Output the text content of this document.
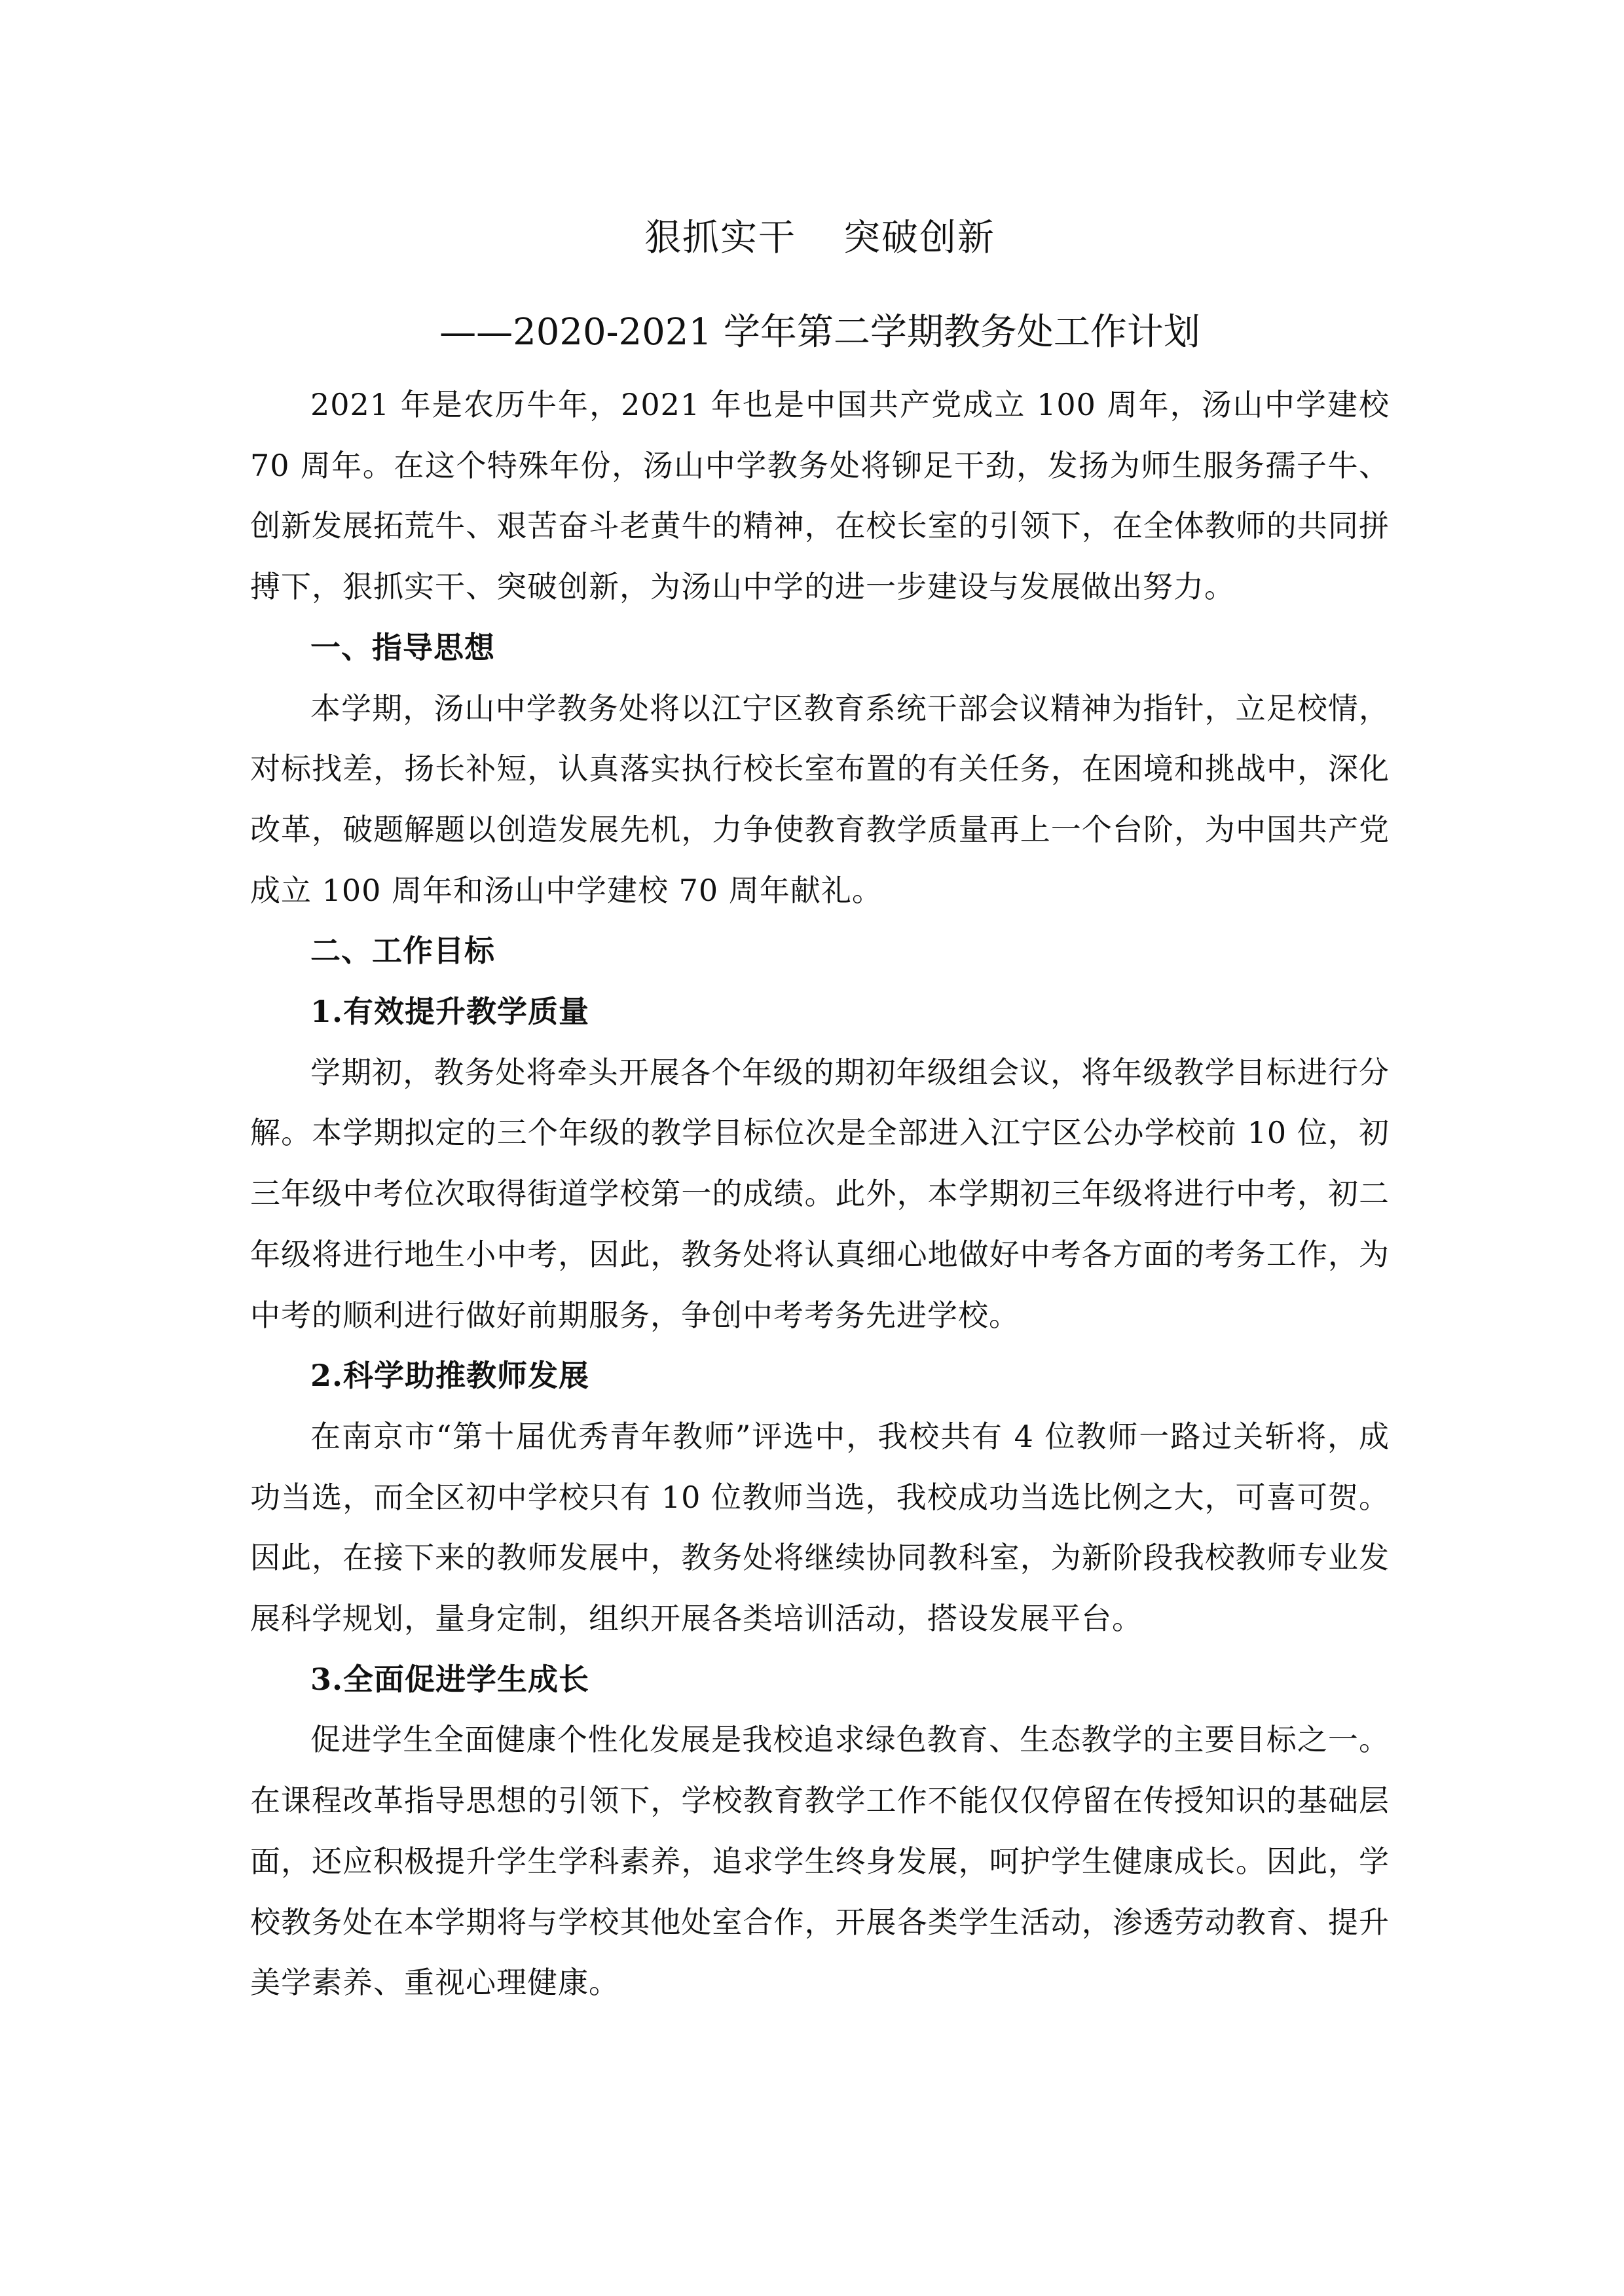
狠抓实干 突破创新
——2020-2021 学年第二学期教务处工作计划

2021 年是农历牛年，2021 年也是中国共产党成立 100 周年，汤山中学建校 70 周年。在这个特殊年份，汤山中学教务处将铆足干劲，发扬为师生服务孺子牛、创新发展拓荒牛、艰苦奋斗老黄牛的精神，在校长室的引领下，在全体教师的共同拼搏下，狠抓实干、突破创新，为汤山中学的进一步建设与发展做出努力。

一、指导思想

本学期，汤山中学教务处将以江宁区教育系统干部会议精神为指针，立足校情，对标找差，扬长补短，认真落实执行校长室布置的有关任务，在困境和挑战中，深化改革，破题解题以创造发展先机，力争使教育教学质量再上一个台阶，为中国共产党成立 100 周年和汤山中学建校 70 周年献礼。

二、工作目标

1.有效提升教学质量

学期初，教务处将牵头开展各个年级的期初年级组会议，将年级教学目标进行分解。本学期拟定的三个年级的教学目标位次是全部进入江宁区公办学校前 10 位，初三年级中考位次取得街道学校第一的成绩。此外，本学期初三年级将进行中考，初二年级将进行地生小中考，因此，教务处将认真细心地做好中考各方面的考务工作，为中考的顺利进行做好前期服务，争创中考考务先进学校。

2.科学助推教师发展

在南京市“第十届优秀青年教师”评选中，我校共有 4 位教师一路过关斩将，成功当选，而全区初中学校只有 10 位教师当选，我校成功当选比例之大，可喜可贺。因此，在接下来的教师发展中，教务处将继续协同教科室，为新阶段我校教师专业发展科学规划，量身定制，组织开展各类培训活动，搭设发展平台。

3.全面促进学生成长

促进学生全面健康个性化发展是我校追求绿色教育、生态教学的主要目标之一。在课程改革指导思想的引领下，学校教育教学工作不能仅仅停留在传授知识的基础层面，还应积极提升学生学科素养，追求学生终身发展，呵护学生健康成长。因此，学校教务处在本学期将与学校其他处室合作，开展各类学生活动，渗透劳动教育、提升美学素养、重视心理健康。
